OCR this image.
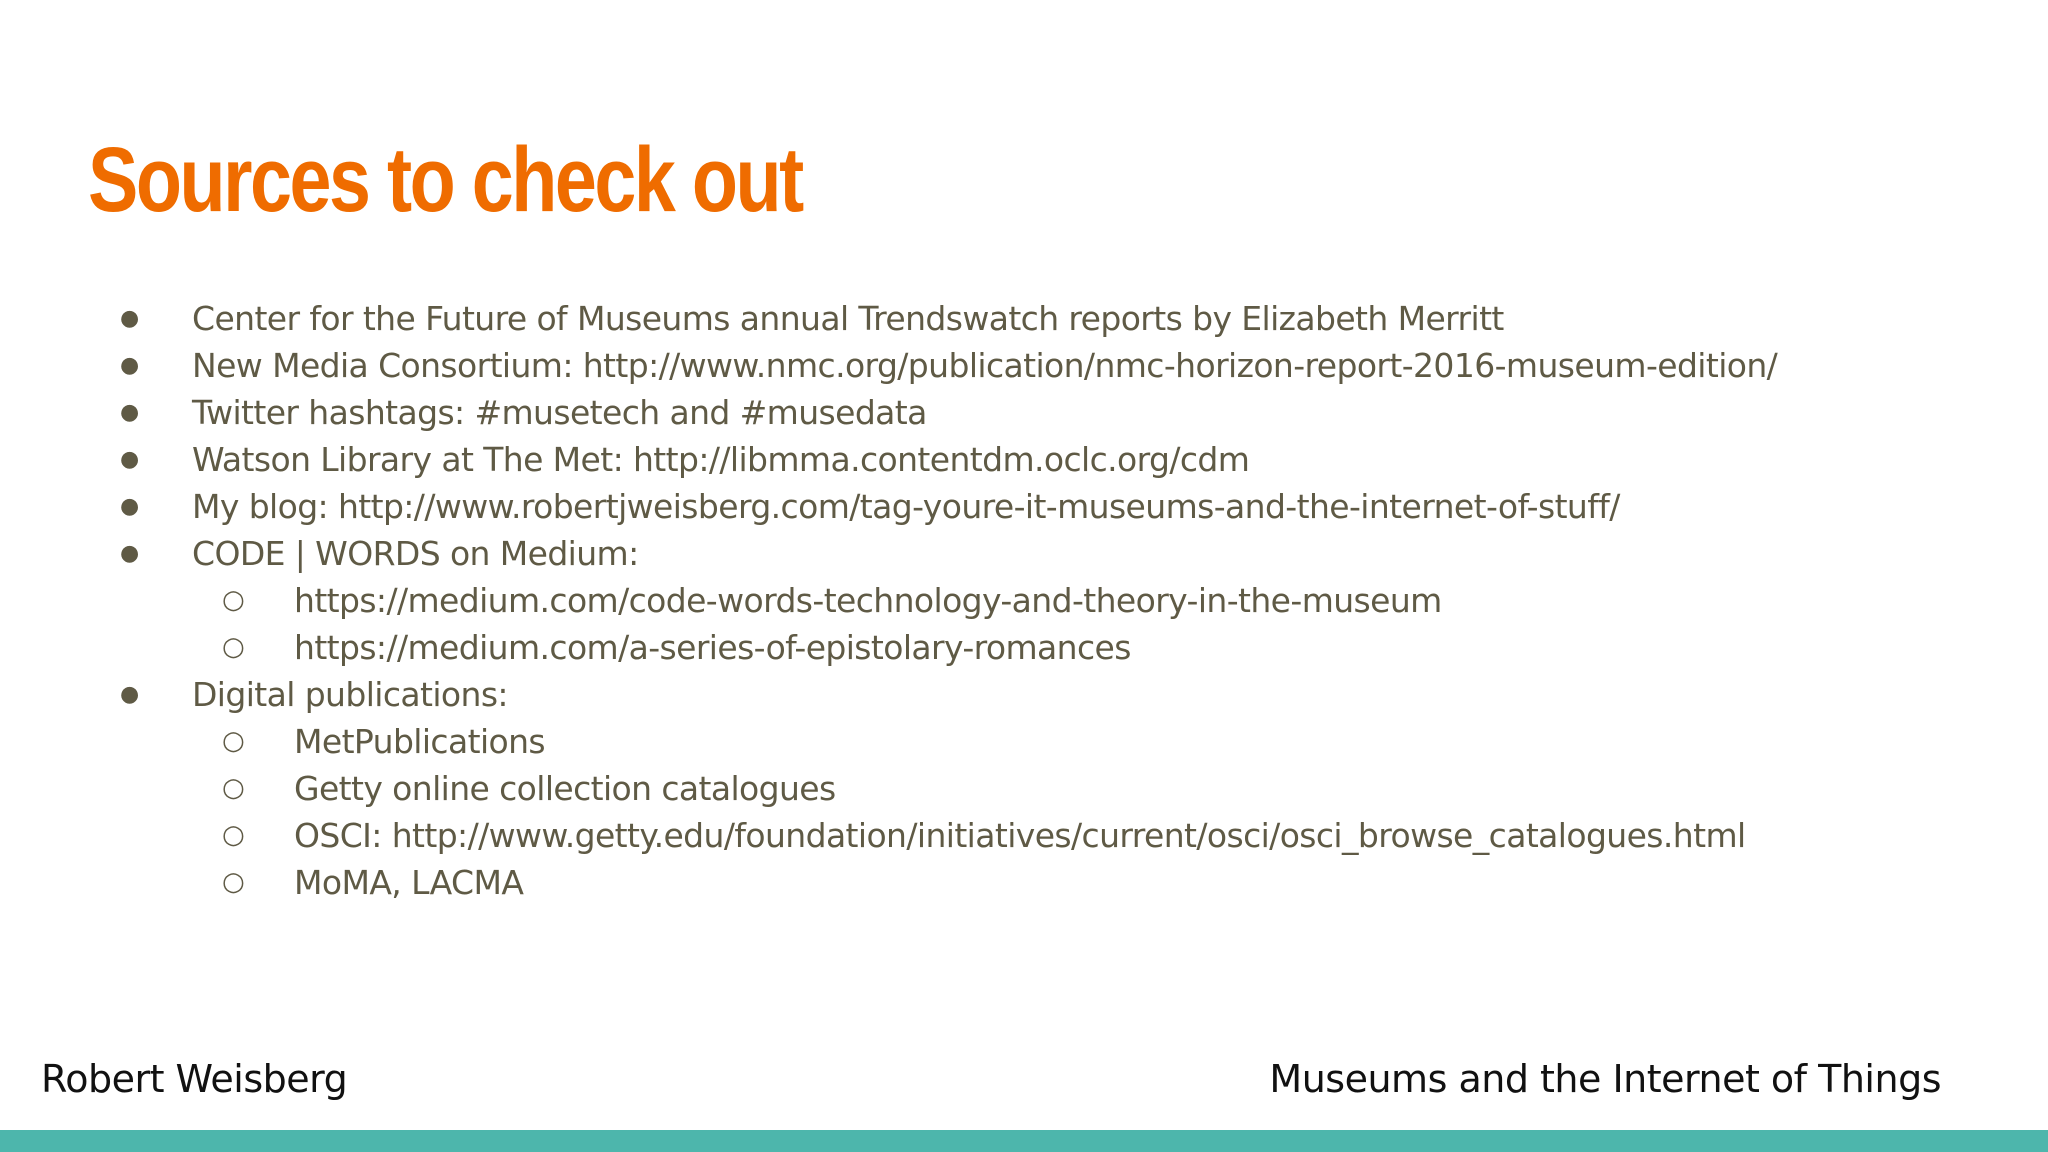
Sources to check out
● Center for the Future of Museums annual Trendswatch reports by Elizabeth Merritt
● New Media Consortium: http://www.nmc.org/publication/nmc-horizon-report-2016-museum-edition/
● Twitter hashtags: #musetech and #musedata
● Watson Library at The Met: http://libmma.contentdm.oclc.org/cdm
● My blog: http://www.robertjweisberg.com/tag-youre-it-museums-and-the-internet-of-stuff/
● CODE | WORDS on Medium:
○ https://medium.com/code-words-technology-and-theory-in-the-museum
○ https://medium.com/a-series-of-epistolary-romances
● Digital publications:
○ MetPublications
○ Getty online collection catalogues
○ OSCI: http://www.getty.edu/foundation/initiatives/current/osci/osci_browse_catalogues.html
○ MoMA, LACMA
Robert Weisberg	Museums and the Internet of Things
